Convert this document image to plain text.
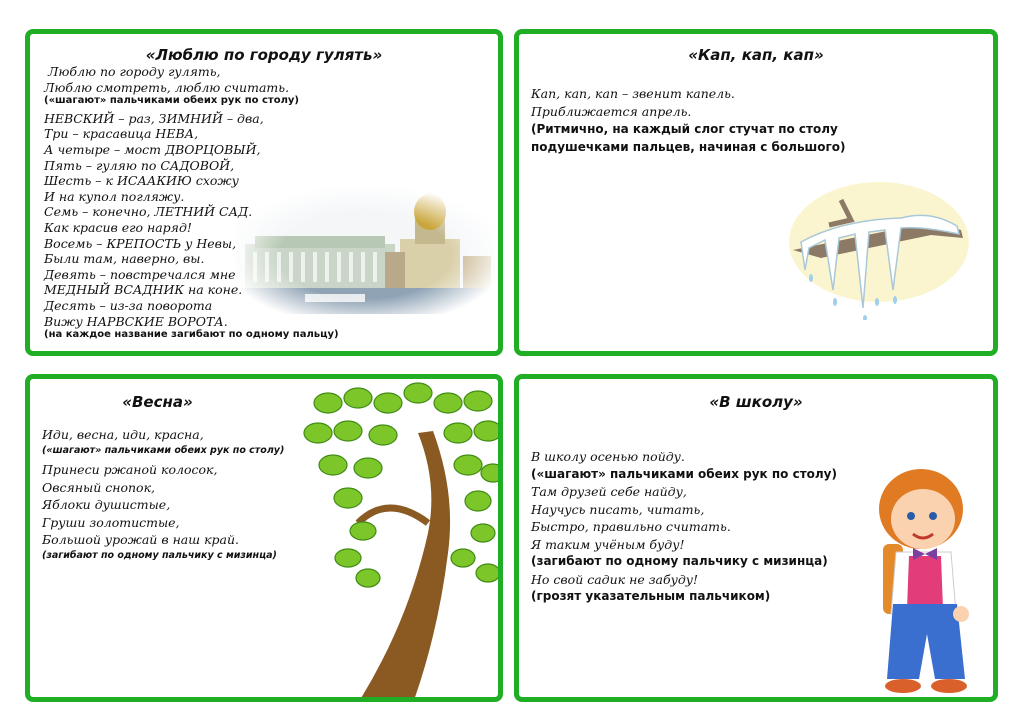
«Люблю по городу гулять»
Люблю по городу гулять,
Люблю смотреть, люблю считать.
(«шагают» пальчиками обеих рук по столу)
НЕВСКИЙ – раз, ЗИМНИЙ – два,
Три – красавица НЕВА,
А четыре – мост ДВОРЦОВЫЙ,
Пять – гуляю по САДОВОЙ,
Шесть – к ИСААКИЮ схожу
И на купол погляжу.
Семь – конечно, ЛЕТНИЙ САД.
Как красив его наряд!
Восемь – КРЕПОСТЬ у Невы,
Были там, наверно, вы.
Девять – повстречался мне
МЕДНЫЙ ВСАДНИК на коне.
Десять – из-за поворота
Вижу НАРВСКИЕ ВОРОТА.
(на каждое название загибают по одному пальцу)
«Кап, кап, кап»
Кап, кап, кап – звенит капель.
Приближается апрель.
(Ритмично, на каждый слог стучат по столу
подушечками пальцев, начиная с большого)
«Весна»
Иди, весна, иди, красна,
(«шагают» пальчиками обеих рук по столу)
Принеси ржаной колосок,
Овсяный снопок,
Яблоки душистые,
Груши золотистые,
Большой урожай в наш край.
(загибают по одному пальчику с мизинца)
«В школу»
В школу осенью пойду.
(«шагают» пальчиками обеих рук по столу)
Там друзей себе найду,
Научусь писать, читать,
Быстро, правильно считать.
Я таким учёным буду!
(загибают по одному пальчику с мизинца)
Но свой садик не забуду!
(грозят указательным пальчиком)
